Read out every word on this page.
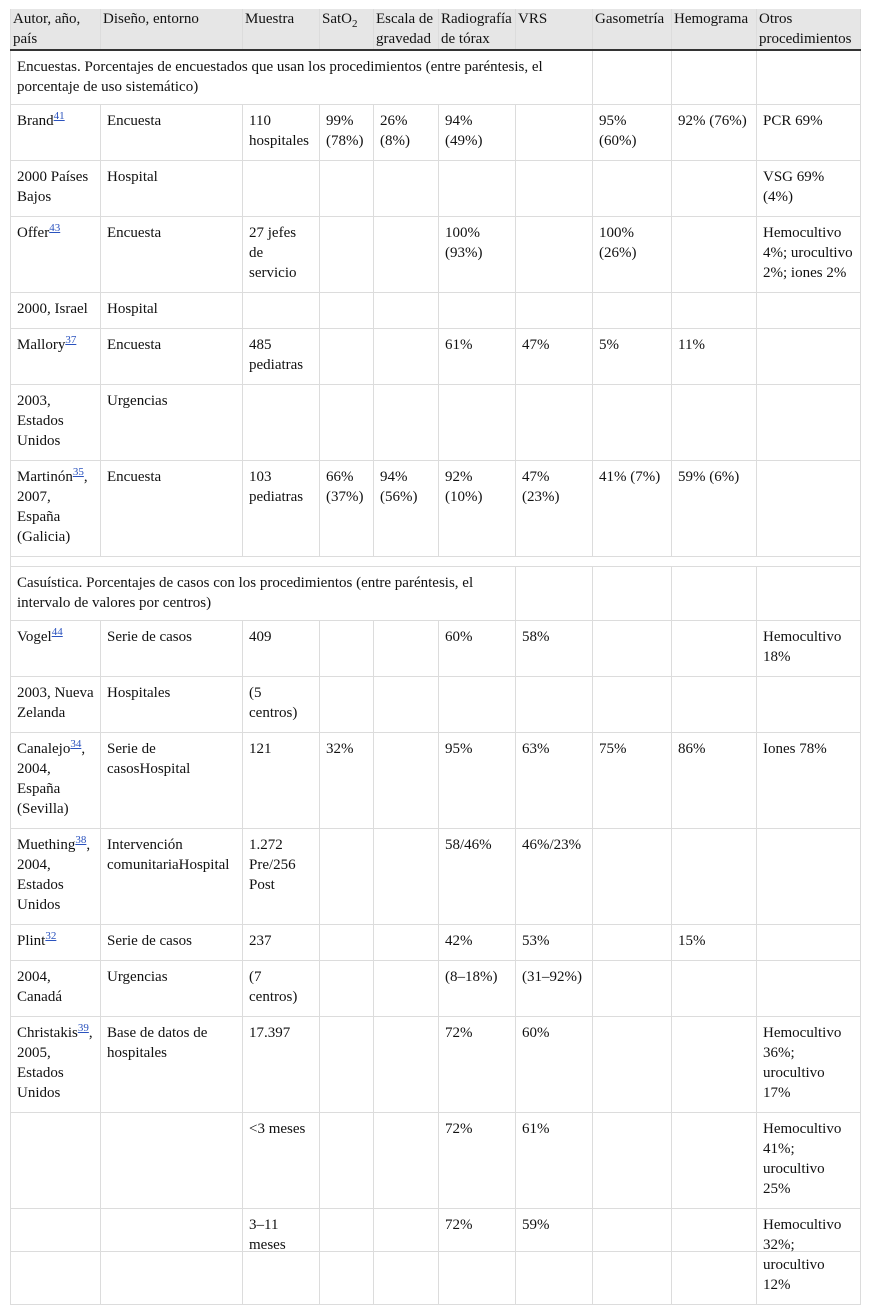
Autor, año, país	Diseño, entorno	Muestra	SatO$_2$	Escala de gravedad	Radiografía de tórax	VRS	Gasometría	Hemograma	Otros procedimientos
Encuestas. Porcentajes de encuestados que usan los procedimientos (entre paréntesis, el porcentaje de uso sistemático)									
Brand$^{41}$	Encuesta	110 hospitales	99% (78%)	26% (8%)	94% (49%)		95% (60%)	92% (76%)	PCR 69%
2000 Países Bajos	Hospital								VSG 69% (4%)
Offer$^{43}$	Encuesta	27 jefes de servicio			100% (93%)		100% (26%)		Hemocultivo 4%; urocultivo 2%; iones 2%
2000, Israel	Hospital								
Mallory$^{37}$	Encuesta	485 pediatras			61%	47%	5%	11%	
2003, Estados Unidos	Urgencias								
Martinón$^{35}$, 2007, España (Galicia)	Encuesta	103 pediatras	66% (37%)	94% (56%)	92% (10%)	47% (23%)	41% (7%)	59% (6%)	

Casuística. Porcentajes de casos con los procedimientos (entre paréntesis, el intervalo de valores por centros)									
Vogel$^{44}$	Serie de casos	409			60%	58%			Hemocultivo 18%
2003, Nueva Zelanda	Hospitales	(5 centros)							
Canalejo$^{34}$, 2004, España (Sevilla)	Serie de casosHospital	121	32%		95%	63%	75%	86%	Iones 78%
Muething$^{38}$, 2004, Estados Unidos	Intervención comunitariaHospital	1.272 Pre/256 Post			58/46%	46%/23%			
Plint$^{32}$	Serie de casos	237			42%	53%		15%	
2004, Canadá	Urgencias	(7 centros)			(8–18%)	(31–92%)			
Christakis$^{39}$, 2005, Estados Unidos	Base de datos de hospitales	17.397			72%	60%			Hemocultivo 36%; urocultivo 17%
		<3 meses			72%	61%			Hemocultivo 41%; urocultivo 25%
		3–11 meses			72%	59%			Hemocultivo 32%; urocultivo 12%
